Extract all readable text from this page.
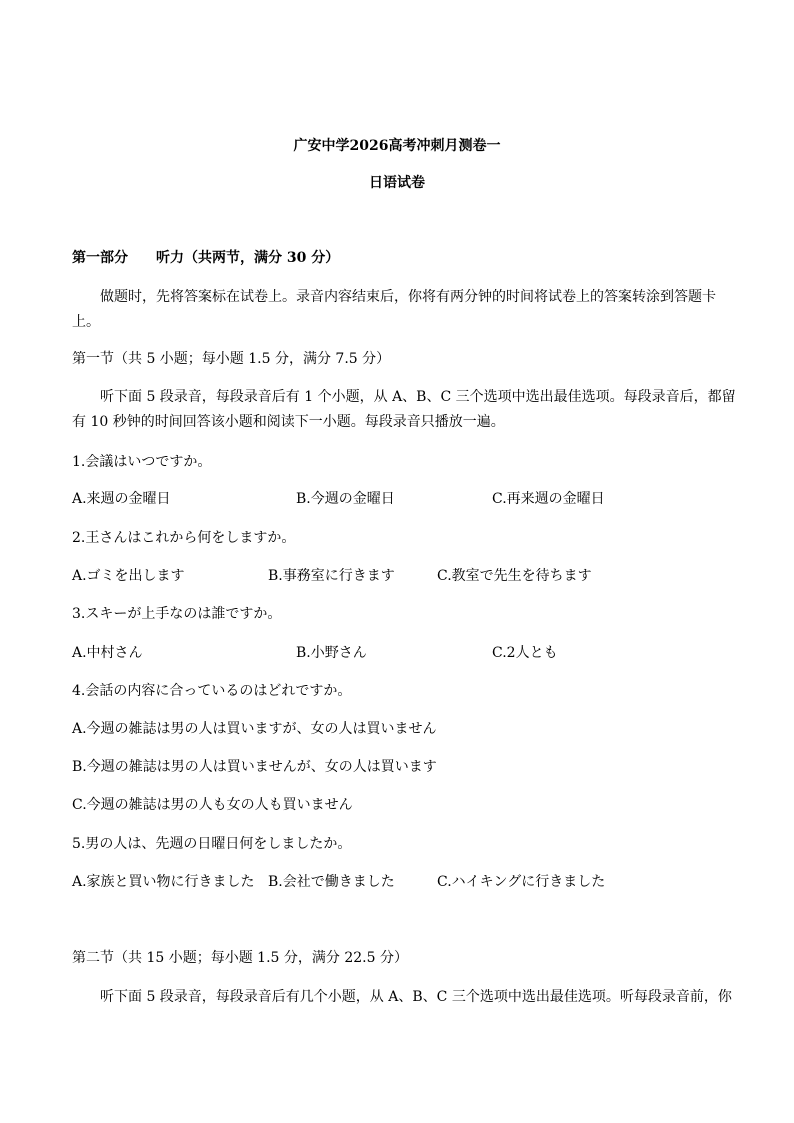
广安中学2026高考冲刺月测卷一
日语试卷
第一部分 听力（共两节，满分 30 分）
做题时，先将答案标在试卷上。录音内容结束后，你将有两分钟的时间将试卷上的答案转涂到答题卡
上。
第一节（共 5 小题；每小题 1.5 分，满分 7.5 分）
听下面 5 段录音，每段录音后有 1 个小题，从 A、B、C 三个选项中选出最佳选项。每段录音后，都留
有 10 秒钟的时间回答该小题和阅读下一小题。每段录音只播放一遍。
1.会議はいつですか。
A.来週の金曜日	B.今週の金曜日	C.再来週の金曜日
2.王さんはこれから何をしますか。
A.ゴミを出します	B.事務室に行きます	C.教室で先生を待ちます
3.スキーが上手なのは誰ですか。
A.中村さん	B.小野さん	C.2人とも
4.会話の内容に合っているのはどれですか。
A.今週の雑誌は男の人は買いますが、女の人は買いません
B.今週の雑誌は男の人は買いませんが、女の人は買います
C.今週の雑誌は男の人も女の人も買いません
5.男の人は、先週の日曜日何をしましたか。
A.家族と買い物に行きました B.会社で働きました	C.ハイキングに行きました
第二节（共 15 小题；每小题 1.5 分，满分 22.5 分）
听下面 5 段录音，每段录音后有几个小题，从 A、B、C 三个选项中选出最佳选项。听每段录音前，你
